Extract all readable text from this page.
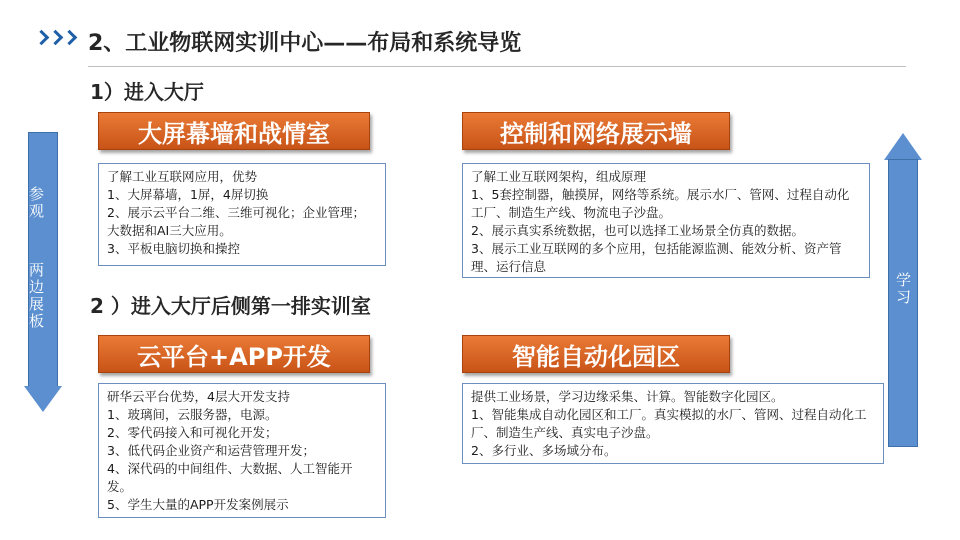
2、工业物联网实训中心——布局和系统导览
1）进入大厅
2 ）进入大厅后侧第一排实训室
参观
两边展板	学习
大屏幕墙和战情室
了解工业互联网应用，优势
1、大屏幕墙，1屏，4屏切换
2、展示云平台二维、三维可视化；企业管理；大数据和AI三大应用。
3、平板电脑切换和操控
控制和网络展示墙
了解工业互联网架构，组成原理
1、5套控制器，触摸屏，网络等系统。展示水厂、管网、过程自动化工厂、制造生产线、物流电子沙盘。
2、展示真实系统数据，也可以选择工业场景全仿真的数据。
3、展示工业互联网的多个应用，包括能源监测、能效分析、资产管理、运行信息
云平台+APP开发
研华云平台优势，4层大开发支持
1、玻璃间，云服务器，电源。
2、零代码接入和可视化开发；
3、低代码企业资产和运营管理开发；
4、深代码的中间组件、大数据、人工智能开发。
5、学生大量的APP开发案例展示
智能自动化园区
提供工业场景，学习边缘采集、计算。智能数字化园区。
1、智能集成自动化园区和工厂。真实模拟的水厂、管网、过程自动化工厂、制造生产线、真实电子沙盘。
2、多行业、多场域分布。
